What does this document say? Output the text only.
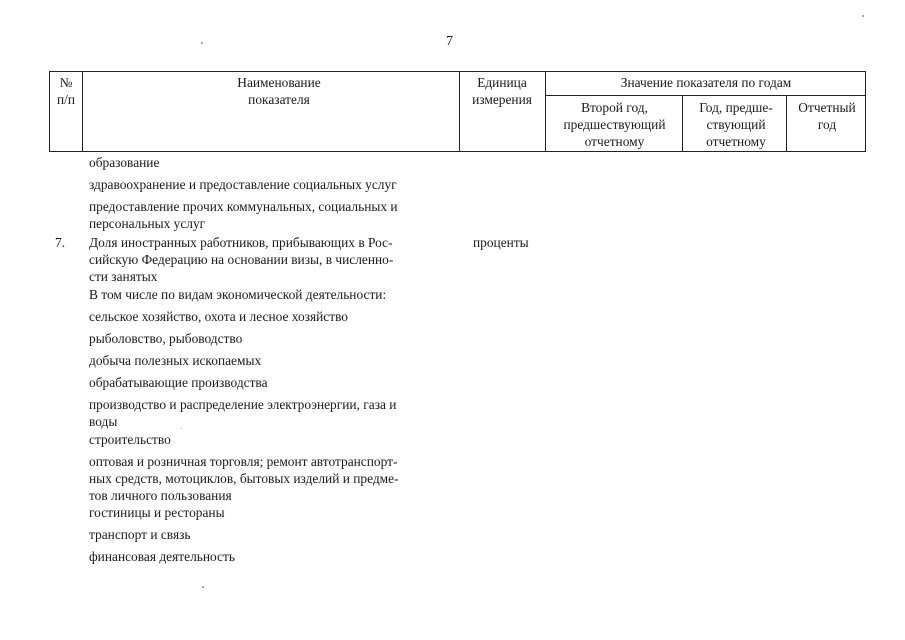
7
№
п/п
Наименование
показателя
Единица
измерения
Значение показателя по годам
Второй год,
предшествующий
отчетному
Год, предше-
ствующий
отчетному
Отчетный
год
образование
здравоохранение и предоставление социальных услуг
предоставление прочих коммунальных, социальных и
персональных услуг
7. Доля иностранных работников, прибывающих в Рос-
сийскую Федерацию на основании визы, в численно-
сти занятых
проценты
В том числе по видам экономической деятельности:
сельское хозяйство, охота и лесное хозяйство
рыболовство, рыбоводство
добыча полезных ископаемых
обрабатывающие производства
производство и распределение электроэнергии, газа и
воды
строительство
оптовая и розничная торговля; ремонт автотранспорт-
ных средств, мотоциклов, бытовых изделий и предме-
тов личного пользования
гостиницы и рестораны
транспорт и связь
финансовая деятельность
